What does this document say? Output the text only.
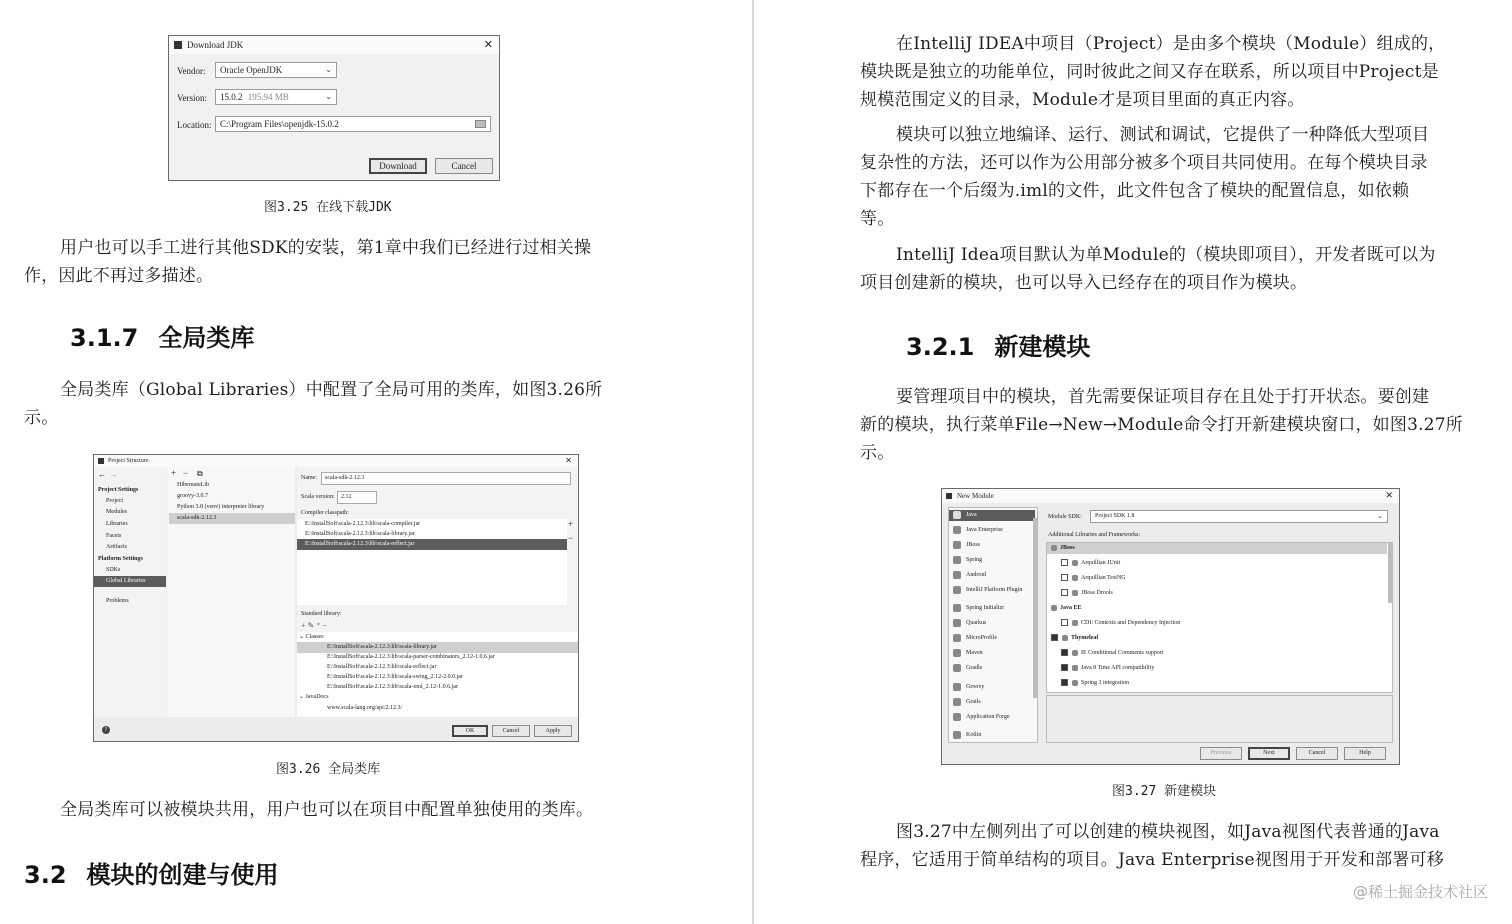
Download JDK	✕
Vendor:	Oracle OpenJDK	⌄
Version:	15.0.2 195.94 MB	⌄
Location: C:\Program Files\openjdk-15.0.2
Download	Cancel
图3.25 在线下载JDK
用户也可以手工进行其他SDK的安装，第1章中我们已经进行过相关操
作，因此不再过多描述。
3.1.7 全局类库
全局类库（Global Libraries）中配置了全局可用的类库，如图3.26所
示。
Project Structure	✕
← →
Project Settings
Project
Modules
Libraries
Facets
Artifacts
Platform Settings
SDKs
Global Libraries
Problems
+ − ⧉
HibernateLib
groovy-3.0.7
Python 3.8 (venv) interpreter library
scala-sdk-2.12.3
Name:	scala-sdk-2.12.3
Scala version:	2.12
Compiler classpath:
E:\InstallSoft\scala-2.12.3\lib\scala-compiler.jar
E:\InstallSoft\scala-2.12.3\lib\scala-library.jar
E:\InstallSoft\scala-2.12.3\lib\scala-reflect.jar
+
−
Standard library:
+ ✎ ⁺ −
⌄ Classes
E:\InstallSoft\scala-2.12.3\lib\scala-library.jar
E:\InstallSoft\scala-2.12.3\lib\scala-parser-combinators_2.12-1.0.6.jar
E:\InstallSoft\scala-2.12.3\lib\scala-reflect.jar
E:\InstallSoft\scala-2.12.3\lib\scala-swing_2.12-2.0.0.jar
E:\InstallSoft\scala-2.12.3\lib\scala-xml_2.12-1.0.6.jar
⌄ JavaDocs
www.scala-lang.org/api/2.12.3/
?	OK	Cancel	Apply
图3.26 全局类库
全局类库可以被模块共用，用户也可以在项目中配置单独使用的类库。
3.2 模块的创建与使用
在IntelliJ IDEA中项目（Project）是由多个模块（Module）组成的，
模块既是独立的功能单位，同时彼此之间又存在联系，所以项目中Project是
规模范围定义的目录，Module才是项目里面的真正内容。
模块可以独立地编译、运行、测试和调试，它提供了一种降低大型项目
复杂性的方法，还可以作为公用部分被多个项目共同使用。在每个模块目录
下都存在一个后缀为.iml的文件，此文件包含了模块的配置信息，如依赖
等。
IntelliJ Idea项目默认为单Module的（模块即项目），开发者既可以为
项目创建新的模块，也可以导入已经存在的项目作为模块。
3.2.1 新建模块
要管理项目中的模块，首先需要保证项目存在且处于打开状态。要创建
新的模块，执行菜单File→New→Module命令打开新建模块窗口，如图3.27所
示。
New Module	✕
Java
Java Enterprise
JBoss
Spring
Android
IntelliJ Platform Plugin
Spring Initializr
Quarkus
MicroProfile
Maven
Gradle
Groovy
Grails
Application Forge
Kotlin
Module SDK:	Project SDK 1.8	⌄
Additional Libraries and Frameworks:
JBoss
Arquillian JUnit
Arquillian TestNG
JBoss Drools
Java EE
CDI: Contexts and Dependency Injection
Thymeleaf
IE Conditional Comments support
Java 8 Time API compatibility
Spring 3 integration
Previous	Next	Cancel	Help
图3.27 新建模块
图3.27中左侧列出了可以创建的模块视图，如Java视图代表普通的Java
程序，它适用于简单结构的项目。Java Enterprise视图用于开发和部署可移
@稀土掘金技术社区
